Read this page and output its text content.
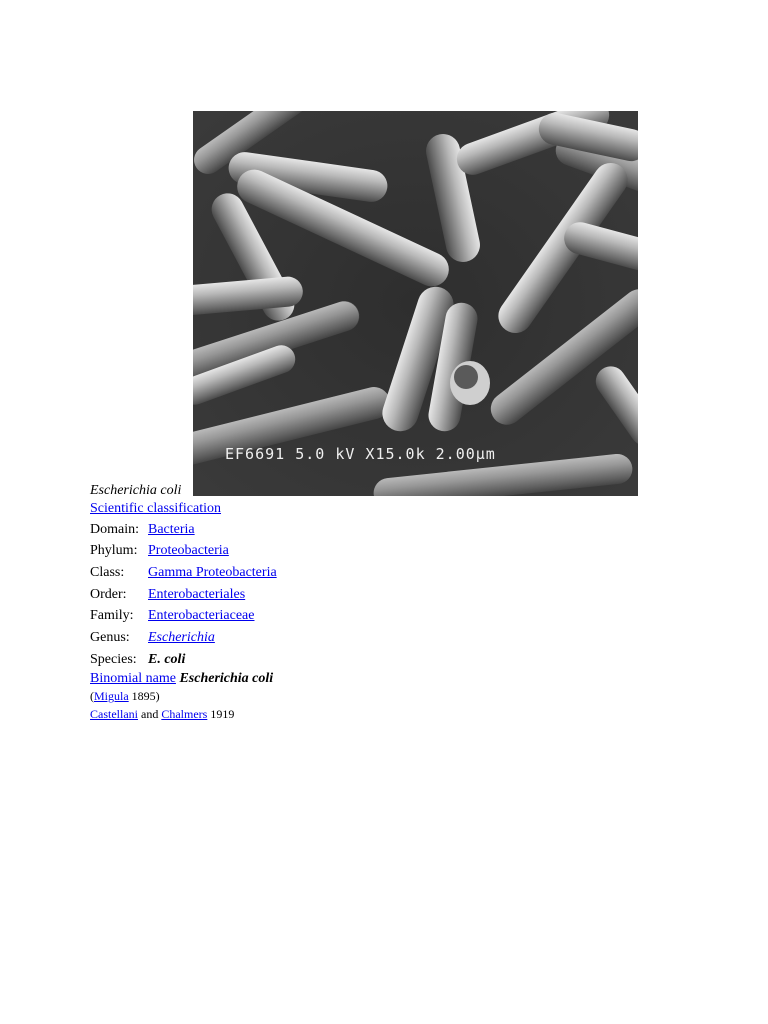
EF6691 5.0 kV X15.0k 2.00µm
Escherichia coli
Scientific classification
Domain: Bacteria
Phylum: Proteobacteria
Class: Gamma Proteobacteria
Order: Enterobacteriales
Family: Enterobacteriaceae
Genus: Escherichia
Species: E. coli
Binomial name Escherichia coli
(Migula 1895)
Castellani and Chalmers 1919
